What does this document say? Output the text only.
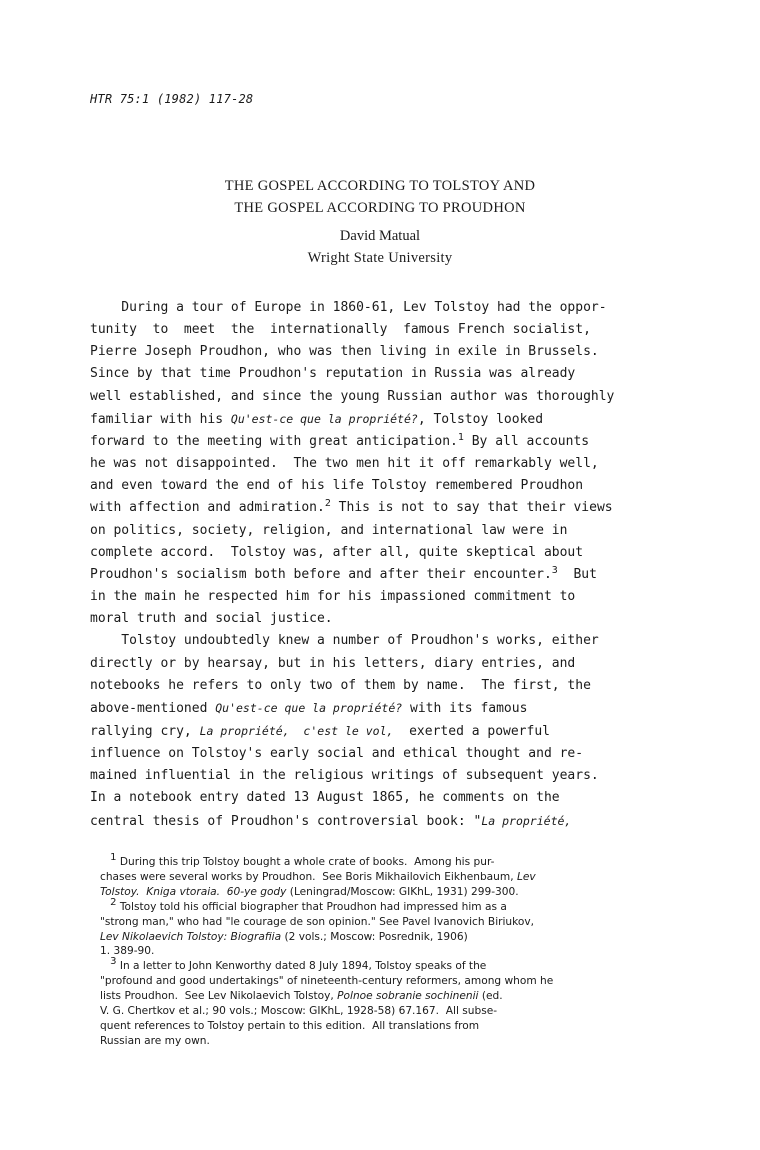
HTR 75:1 (1982) 117-28
THE GOSPEL ACCORDING TO TOLSTOY AND
THE GOSPEL ACCORDING TO PROUDHON
David Matual
Wright State University
During a tour of Europe in 1860-61, Lev Tolstoy had the oppor-
tunity  to  meet  the  internationally  famous French socialist,
Pierre Joseph Proudhon, who was then living in exile in Brussels.
Since by that time Proudhon's reputation in Russia was already
well established, and since the young Russian author was thoroughly
familiar with his Qu'est-ce que la propriété?, Tolstoy looked
forward to the meeting with great anticipation.$^1$ By all accounts
he was not disappointed.  The two men hit it off remarkably well,
and even toward the end of his life Tolstoy remembered Proudhon
with affection and admiration.$^2$ This is not to say that their views
on politics, society, religion, and international law were in
complete accord.  Tolstoy was, after all, quite skeptical about
Proudhon's socialism both before and after their encounter.$^3$  But
in the main he respected him for his impassioned commitment to
moral truth and social justice.
Tolstoy undoubtedly knew a number of Proudhon's works, either
directly or by hearsay, but in his letters, diary entries, and
notebooks he refers to only two of them by name.  The first, the
above-mentioned Qu'est-ce que la propriété? with its famous
rallying cry, La propriété,  c'est le vol,  exerted a powerful
influence on Tolstoy's early social and ethical thought and re-
mained influential in the religious writings of subsequent years.
In a notebook entry dated 13 August 1865, he comments on the
central thesis of Proudhon's controversial book: "La propriété,
$^1$ During this trip Tolstoy bought a whole crate of books.  Among his pur-
chases were several works by Proudhon.  See Boris Mikhailovich Eikhenbaum, Lev
Tolstoy.  Kniga vtoraia.  60-ye gody (Leningrad/Moscow: GIKhL, 1931) 299-300.
$^2$ Tolstoy told his official biographer that Proudhon had impressed him as a
"strong man," who had "le courage de son opinion." See Pavel Ivanovich Biriukov,
Lev Nikolaevich Tolstoy: Biografiia (2 vols.; Moscow: Posrednik, 1906)
1. 389-90.
$^3$ In a letter to John Kenworthy dated 8 July 1894, Tolstoy speaks of the
"profound and good undertakings" of nineteenth-century reformers, among whom he
lists Proudhon.  See Lev Nikolaevich Tolstoy, Polnoe sobranie sochinenii (ed.
V. G. Chertkov et al.; 90 vols.; Moscow: GIKhL, 1928-58) 67.167.  All subse-
quent references to Tolstoy pertain to this edition.  All translations from
Russian are my own.
